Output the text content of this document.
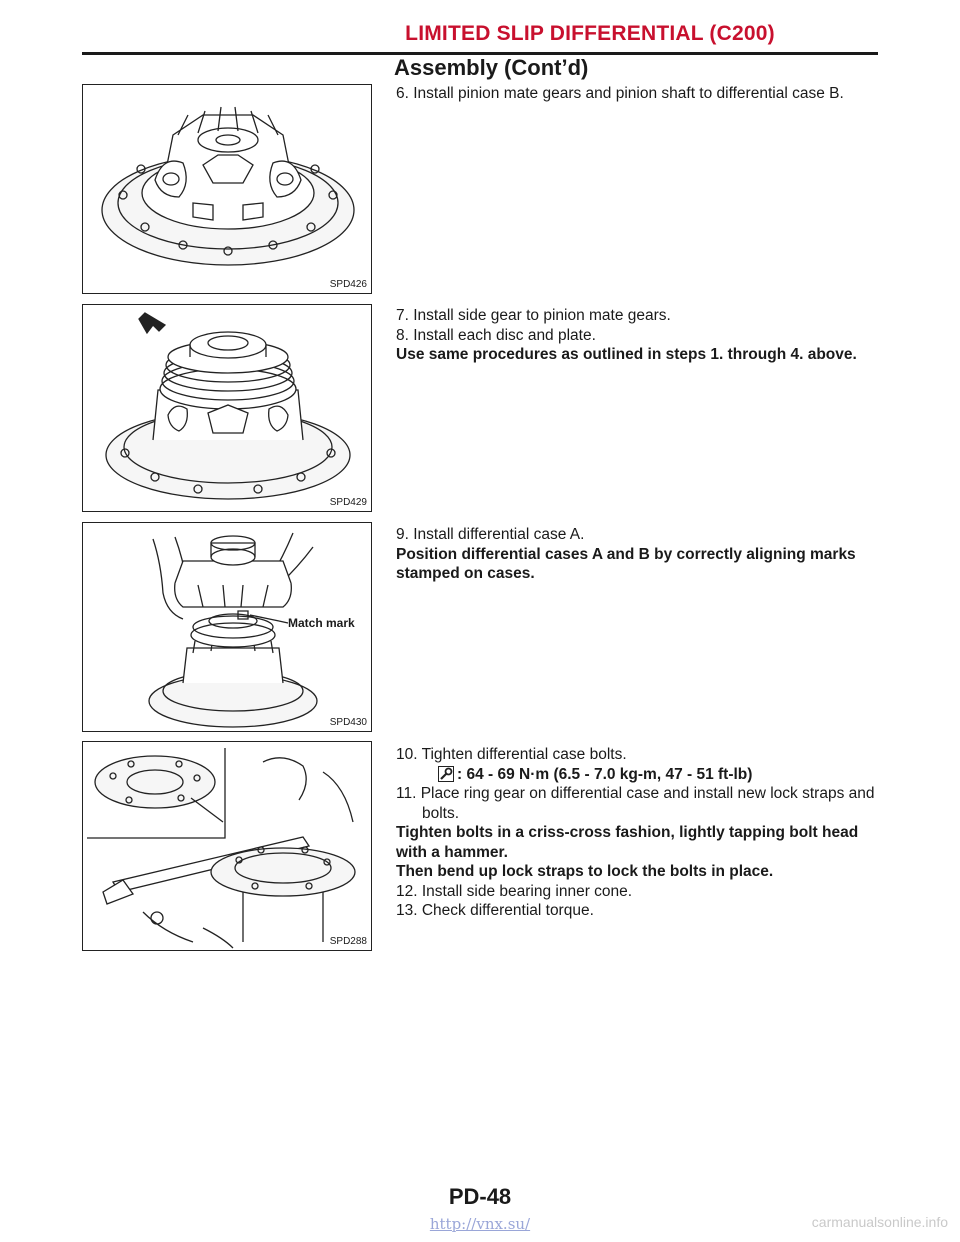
LIMITED SLIP DIFFERENTIAL (C200)
Assembly (Cont’d)
SPD426
SPD429
Match mark
SPD430
SPD288

6. Install pinion mate gears and pinion shaft to differential case B.

7. Install side gear to pinion mate gears.

8. Install each disc and plate.

Use same procedures as outlined in steps 1. through 4. above.

9. Install differential case A.

Position differential cases A and B by correctly aligning marks stamped on cases.

10. Tighten differential case bolts.

: 64 - 69 N·m (6.5 - 7.0 kg-m, 47 - 51 ft-lb)

11. Place ring gear on differential case and install new lock straps and bolts.

Tighten bolts in a criss-cross fashion, lightly tapping bolt head with a hammer.

Then bend up lock straps to lock the bolts in place.

12. Install side bearing inner cone.

13. Check differential torque.

PD-48
http://vnx.su/	carmanualsonline.info
